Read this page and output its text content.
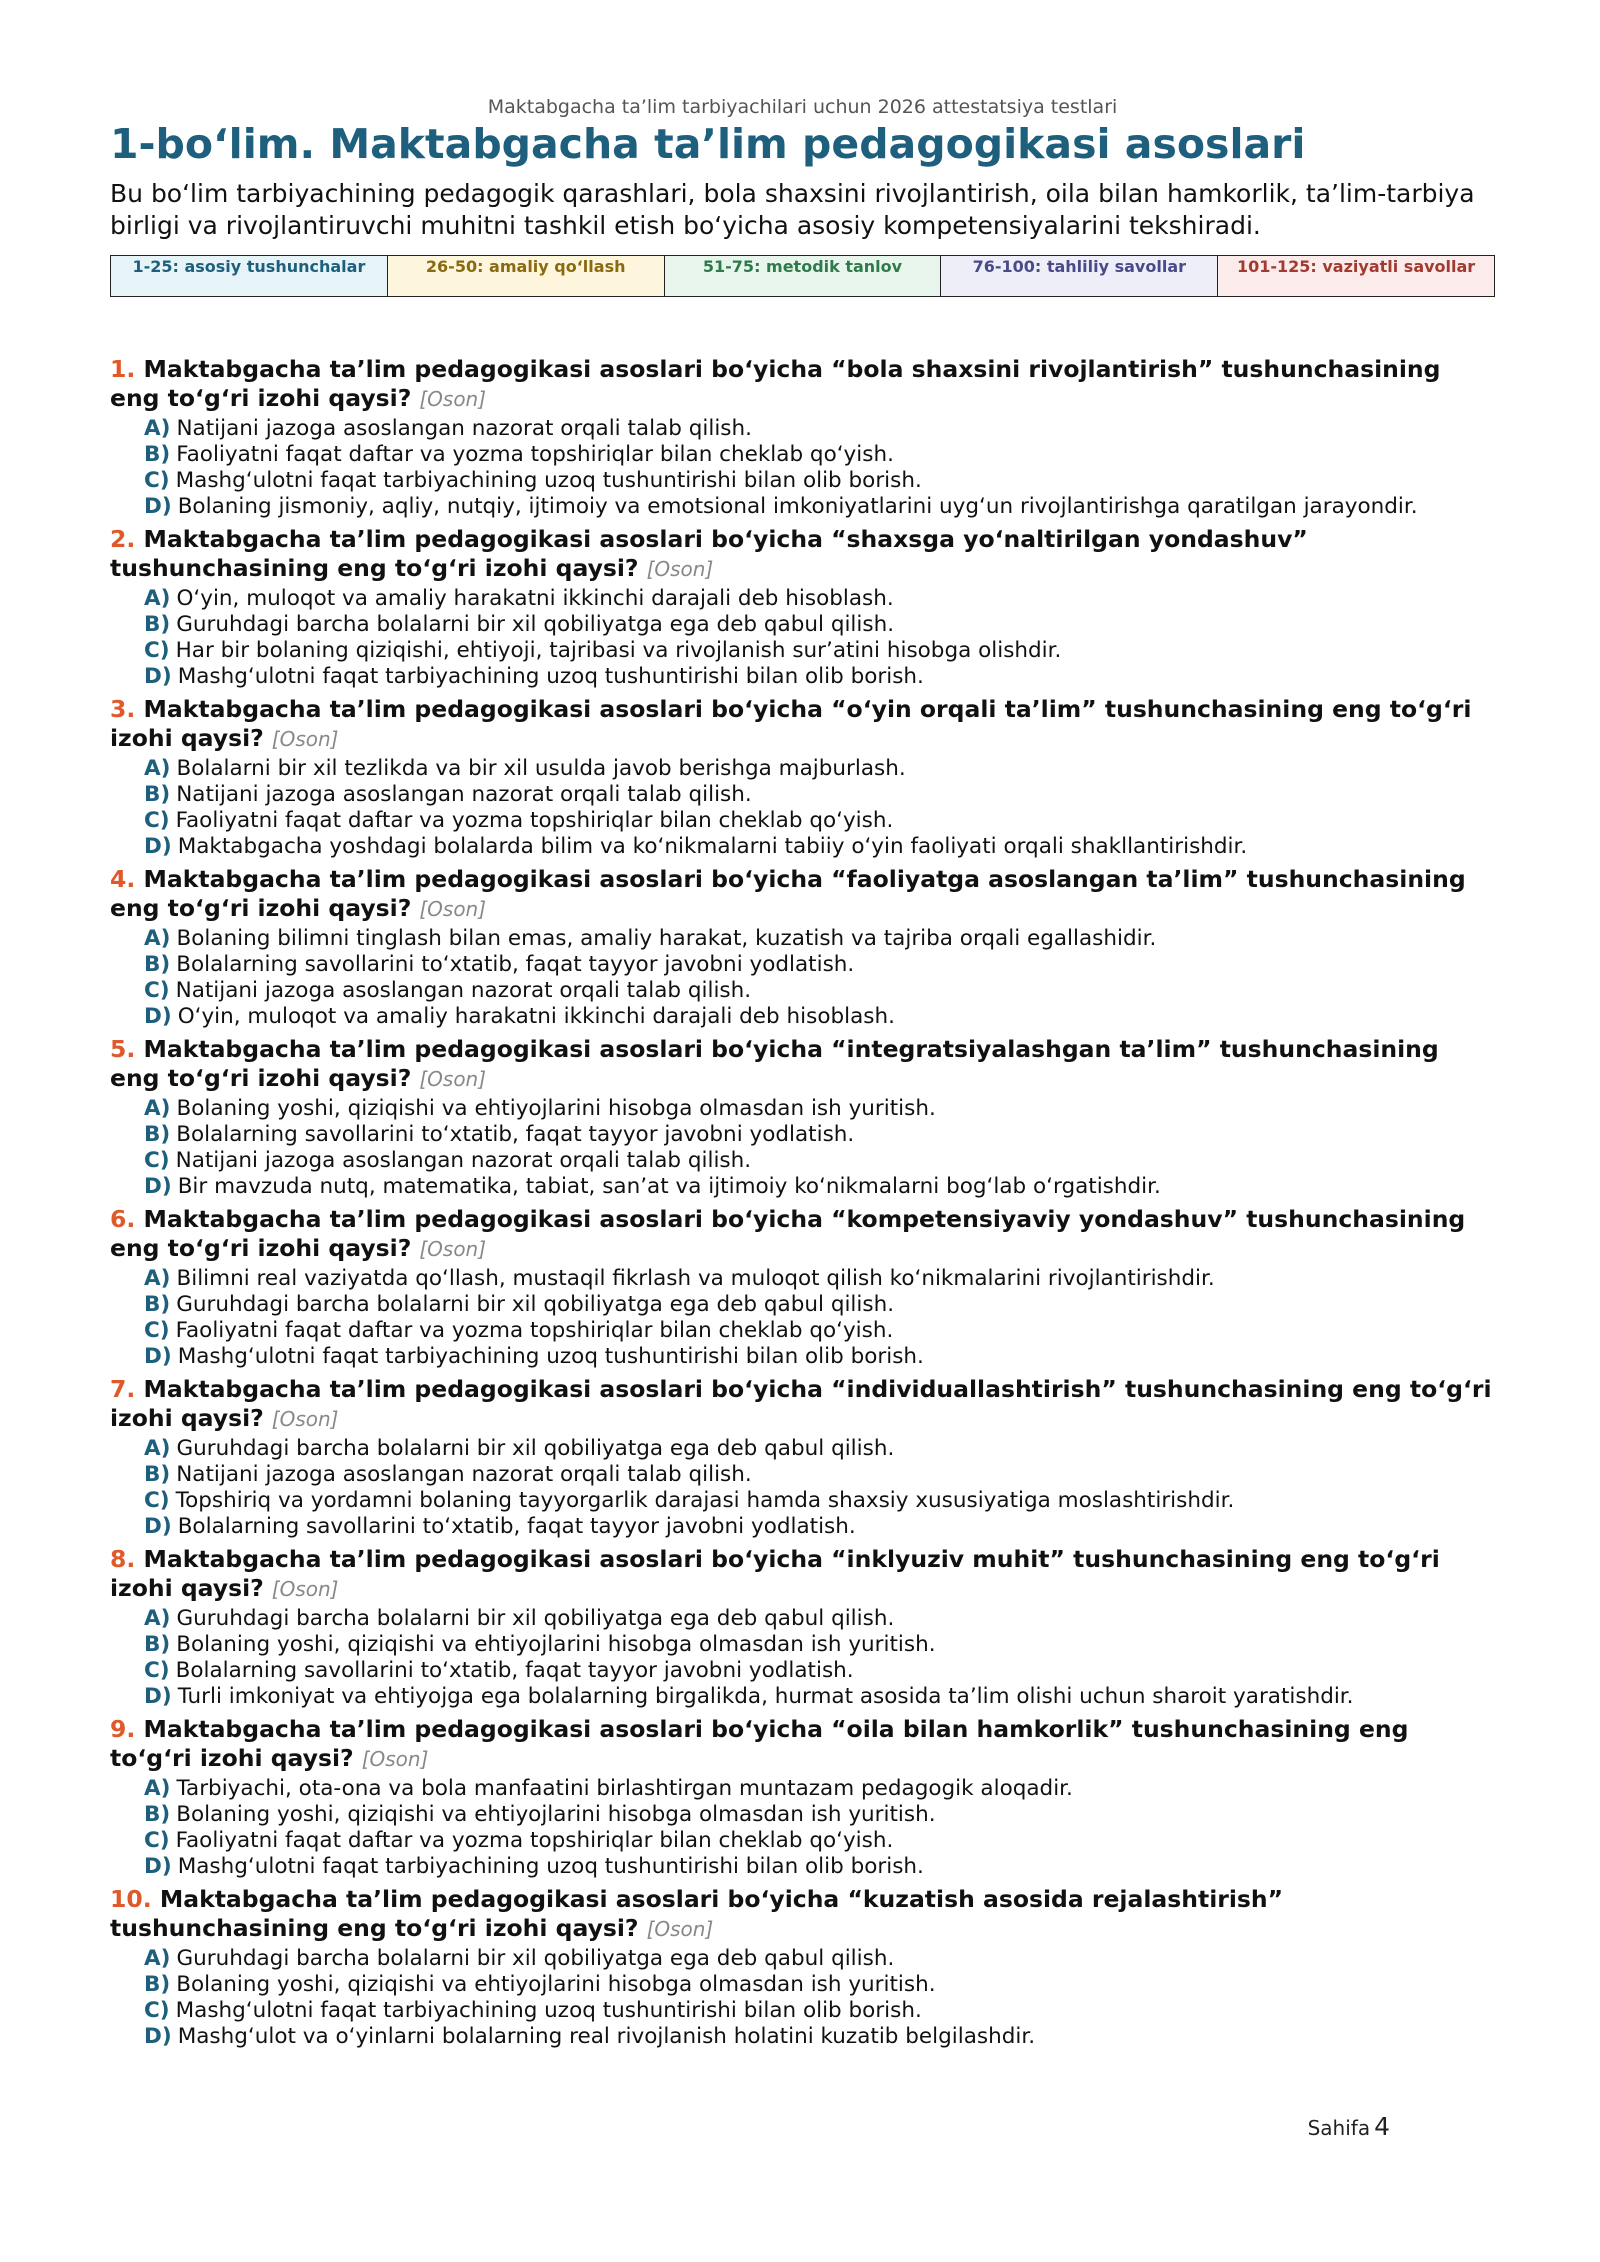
Maktabgacha ta’lim tarbiyachilari uchun 2026 attestatsiya testlari
1-boʻlim. Maktabgacha ta’lim pedagogikasi asoslari

Bu boʻlim tarbiyachining pedagogik qarashlari, bola shaxsini rivojlantirish, oila bilan hamkorlik, ta’lim-tarbiya birligi va rivojlantiruvchi muhitni tashkil etish boʻyicha asosiy kompetensiyalarini tekshiradi.

1-25: asosiy tushunchalar	26-50: amaliy qoʻllash	51-75: metodik tanlov	76-100: tahliliy savollar	101-125: vaziyatli savollar

1. Maktabgacha ta’lim pedagogikasi asoslari boʻyicha “bola shaxsini rivojlantirish” tushunchasining eng toʻgʻri izohi qaysi? [Oson]

A) Natijani jazoga asoslangan nazorat orqali talab qilish.
B) Faoliyatni faqat daftar va yozma topshiriqlar bilan cheklab qoʻyish.
C) Mashgʻulotni faqat tarbiyachining uzoq tushuntirishi bilan olib borish.
D) Bolaning jismoniy, aqliy, nutqiy, ijtimoiy va emotsional imkoniyatlarini uygʻun rivojlantirishga qaratilgan jarayondir.

2. Maktabgacha ta’lim pedagogikasi asoslari boʻyicha “shaxsga yoʻnaltirilgan yondashuv” tushunchasining eng toʻgʻri izohi qaysi? [Oson]

A) Oʻyin, muloqot va amaliy harakatni ikkinchi darajali deb hisoblash.
B) Guruhdagi barcha bolalarni bir xil qobiliyatga ega deb qabul qilish.
C) Har bir bolaning qiziqishi, ehtiyoji, tajribasi va rivojlanish sur’atini hisobga olishdir.
D) Mashgʻulotni faqat tarbiyachining uzoq tushuntirishi bilan olib borish.

3. Maktabgacha ta’lim pedagogikasi asoslari boʻyicha “oʻyin orqali ta’lim” tushunchasining eng toʻgʻri izohi qaysi? [Oson]

A) Bolalarni bir xil tezlikda va bir xil usulda javob berishga majburlash.
B) Natijani jazoga asoslangan nazorat orqali talab qilish.
C) Faoliyatni faqat daftar va yozma topshiriqlar bilan cheklab qoʻyish.
D) Maktabgacha yoshdagi bolalarda bilim va koʻnikmalarni tabiiy oʻyin faoliyati orqali shakllantirishdir.

4. Maktabgacha ta’lim pedagogikasi asoslari boʻyicha “faoliyatga asoslangan ta’lim” tushunchasining eng toʻgʻri izohi qaysi? [Oson]

A) Bolaning bilimni tinglash bilan emas, amaliy harakat, kuzatish va tajriba orqali egallashidir.
B) Bolalarning savollarini toʻxtatib, faqat tayyor javobni yodlatish.
C) Natijani jazoga asoslangan nazorat orqali talab qilish.
D) Oʻyin, muloqot va amaliy harakatni ikkinchi darajali deb hisoblash.

5. Maktabgacha ta’lim pedagogikasi asoslari boʻyicha “integratsiyalashgan ta’lim” tushunchasining eng toʻgʻri izohi qaysi? [Oson]

A) Bolaning yoshi, qiziqishi va ehtiyojlarini hisobga olmasdan ish yuritish.
B) Bolalarning savollarini toʻxtatib, faqat tayyor javobni yodlatish.
C) Natijani jazoga asoslangan nazorat orqali talab qilish.
D) Bir mavzuda nutq, matematika, tabiat, san’at va ijtimoiy koʻnikmalarni bogʻlab oʻrgatishdir.

6. Maktabgacha ta’lim pedagogikasi asoslari boʻyicha “kompetensiyaviy yondashuv” tushunchasining eng toʻgʻri izohi qaysi? [Oson]

A) Bilimni real vaziyatda qoʻllash, mustaqil fikrlash va muloqot qilish koʻnikmalarini rivojlantirishdir.
B) Guruhdagi barcha bolalarni bir xil qobiliyatga ega deb qabul qilish.
C) Faoliyatni faqat daftar va yozma topshiriqlar bilan cheklab qoʻyish.
D) Mashgʻulotni faqat tarbiyachining uzoq tushuntirishi bilan olib borish.

7. Maktabgacha ta’lim pedagogikasi asoslari boʻyicha “individuallashtirish” tushunchasining eng toʻgʻri izohi qaysi? [Oson]

A) Guruhdagi barcha bolalarni bir xil qobiliyatga ega deb qabul qilish.
B) Natijani jazoga asoslangan nazorat orqali talab qilish.
C) Topshiriq va yordamni bolaning tayyorgarlik darajasi hamda shaxsiy xususiyatiga moslashtirishdir.
D) Bolalarning savollarini toʻxtatib, faqat tayyor javobni yodlatish.

8. Maktabgacha ta’lim pedagogikasi asoslari boʻyicha “inklyuziv muhit” tushunchasining eng toʻgʻri izohi qaysi? [Oson]

A) Guruhdagi barcha bolalarni bir xil qobiliyatga ega deb qabul qilish.
B) Bolaning yoshi, qiziqishi va ehtiyojlarini hisobga olmasdan ish yuritish.
C) Bolalarning savollarini toʻxtatib, faqat tayyor javobni yodlatish.
D) Turli imkoniyat va ehtiyojga ega bolalarning birgalikda, hurmat asosida ta’lim olishi uchun sharoit yaratishdir.

9. Maktabgacha ta’lim pedagogikasi asoslari boʻyicha “oila bilan hamkorlik” tushunchasining eng toʻgʻri izohi qaysi? [Oson]

A) Tarbiyachi, ota-ona va bola manfaatini birlashtirgan muntazam pedagogik aloqadir.
B) Bolaning yoshi, qiziqishi va ehtiyojlarini hisobga olmasdan ish yuritish.
C) Faoliyatni faqat daftar va yozma topshiriqlar bilan cheklab qoʻyish.
D) Mashgʻulotni faqat tarbiyachining uzoq tushuntirishi bilan olib borish.

10. Maktabgacha ta’lim pedagogikasi asoslari boʻyicha “kuzatish asosida rejalashtirish” tushunchasining eng toʻgʻri izohi qaysi? [Oson]

A) Guruhdagi barcha bolalarni bir xil qobiliyatga ega deb qabul qilish.
B) Bolaning yoshi, qiziqishi va ehtiyojlarini hisobga olmasdan ish yuritish.
C) Mashgʻulotni faqat tarbiyachining uzoq tushuntirishi bilan olib borish.
D) Mashgʻulot va oʻyinlarni bolalarning real rivojlanish holatini kuzatib belgilashdir.
Sahifa 4
